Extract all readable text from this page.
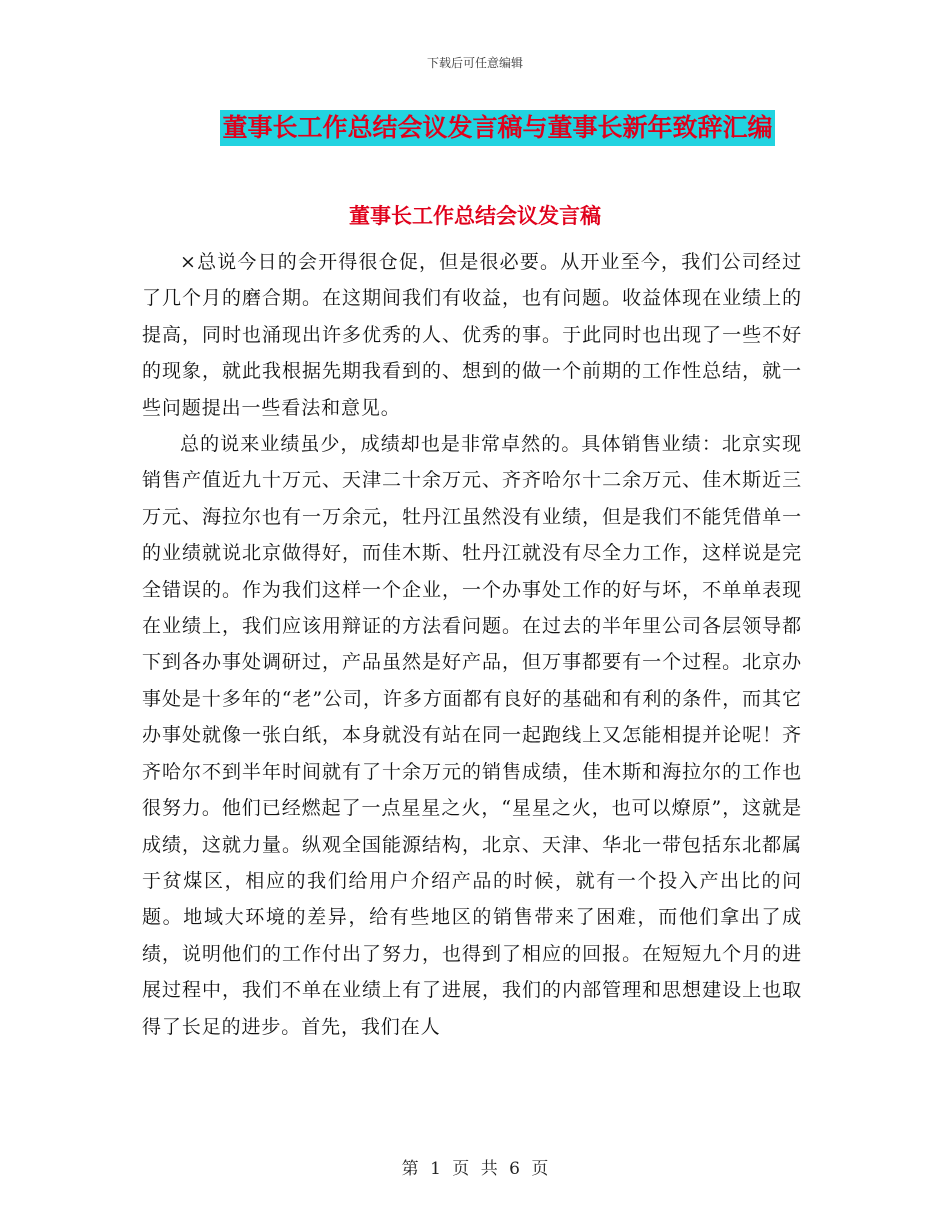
下载后可任意编辑
董事长工作总结会议发言稿与董事长新年致辞汇编
董事长工作总结会议发言稿

×总说今日的会开得很仓促，但是很必要。从开业至今，我们公司经过了几个月的磨合期。在这期间我们有收益，也有问题。收益体现在业绩上的提高，同时也涌现出许多优秀的人、优秀的事。于此同时也出现了一些不好的现象，就此我根据先期我看到的、想到的做一个前期的工作性总结，就一些问题提出一些看法和意见。

总的说来业绩虽少，成绩却也是非常卓然的。具体销售业绩：北京实现销售产值近九十万元、天津二十余万元、齐齐哈尔十二余万元、佳木斯近三万元、海拉尔也有一万余元，牡丹江虽然没有业绩，但是我们不能凭借单一的业绩就说北京做得好，而佳木斯、牡丹江就没有尽全力工作，这样说是完全错误的。作为我们这样一个企业，一个办事处工作的好与坏，不单单表现在业绩上，我们应该用辩证的方法看问题。在过去的半年里公司各层领导都下到各办事处调研过，产品虽然是好产品，但万事都要有一个过程。北京办事处是十多年的“老”公司，许多方面都有良好的基础和有利的条件，而其它办事处就像一张白纸，本身就没有站在同一起跑线上又怎能相提并论呢！齐齐哈尔不到半年时间就有了十余万元的销售成绩，佳木斯和海拉尔的工作也很努力。他们已经燃起了一点星星之火，“星星之火，也可以燎原”，这就是成绩，这就力量。纵观全国能源结构，北京、天津、华北一带包括东北都属于贫煤区，相应的我们给用户介绍产品的时候，就有一个投入产出比的问题。地域大环境的差异，给有些地区的销售带来了困难，而他们拿出了成绩，说明他们的工作付出了努力，也得到了相应的回报。在短短九个月的进展过程中，我们不单在业绩上有了进展，我们的内部管理和思想建设上也取得了长足的进步。首先，我们在人

第 1 页 共 6 页
